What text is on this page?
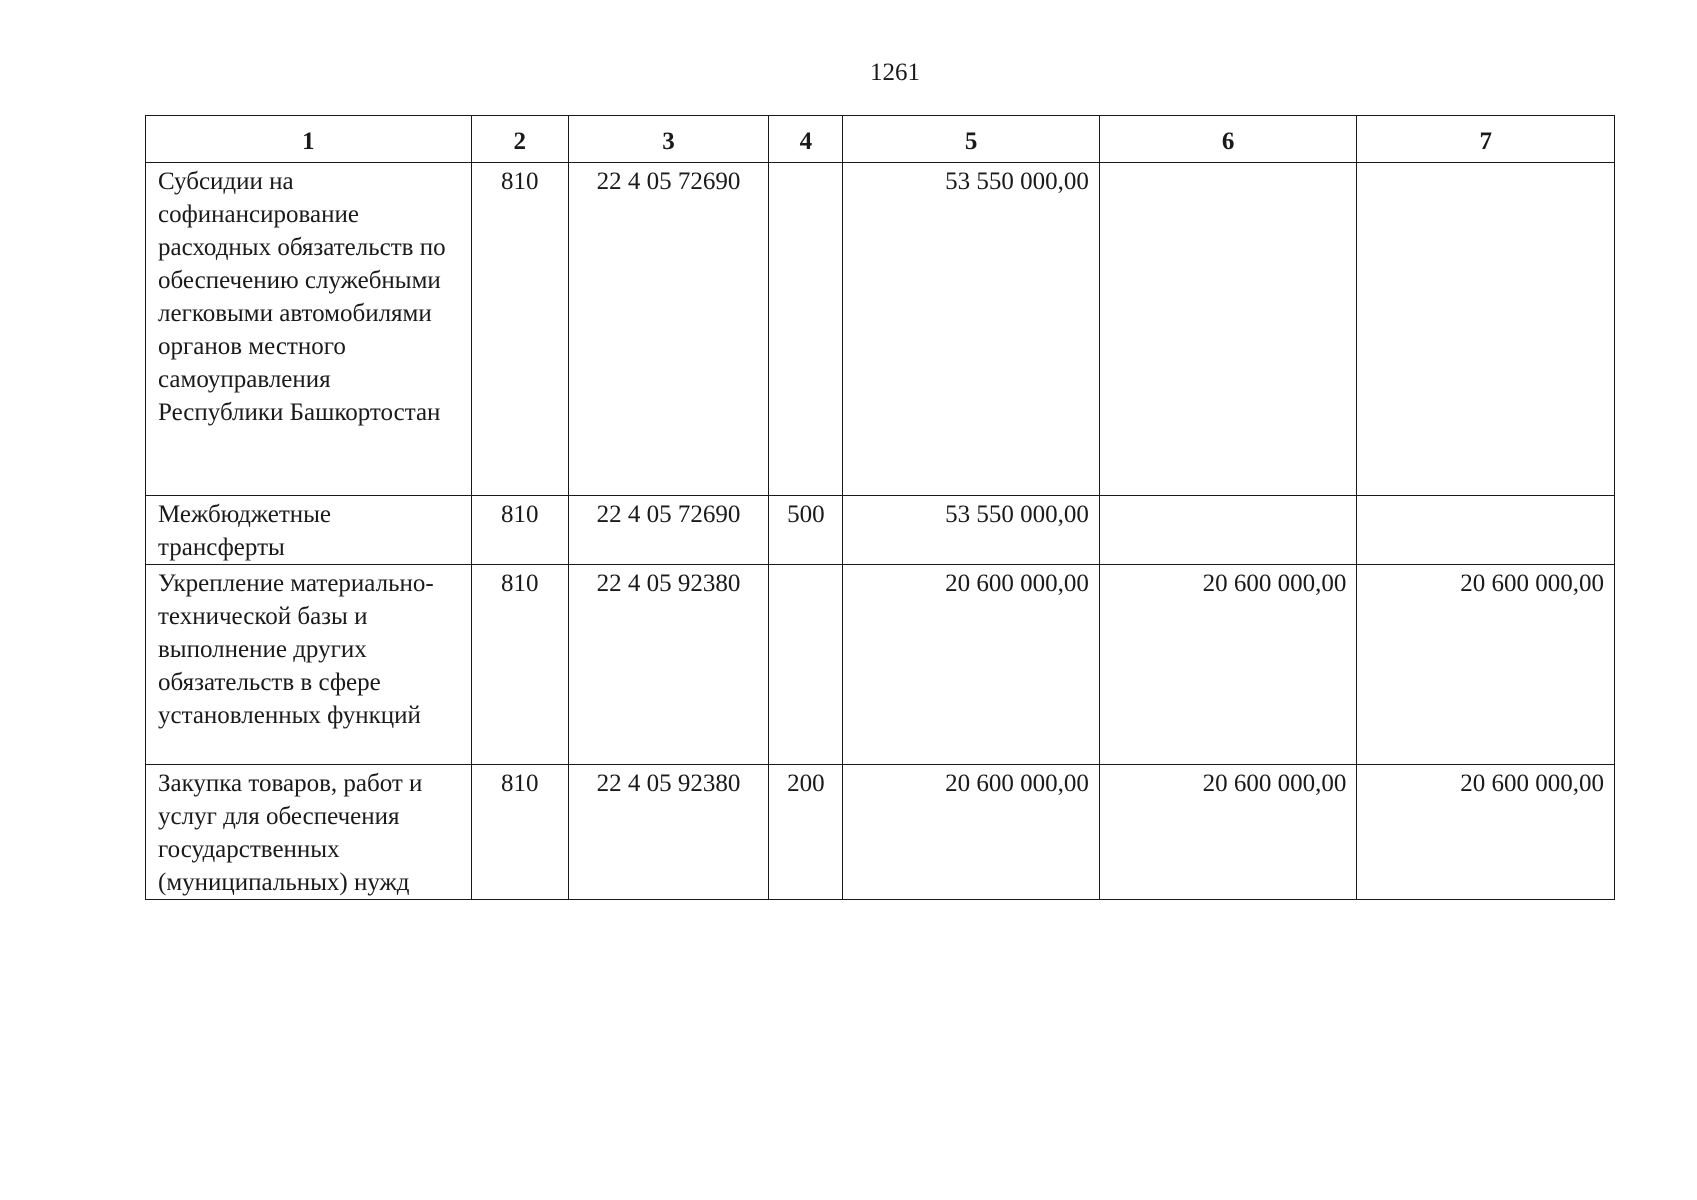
1261
1	2	3	4	5	6	7
Субсидии на софинансирование расходных обязательств по обеспечению служебными легковыми автомобилями органов местного самоуправления Республики Башкортостан	810	22 4 05 72690		53 550 000,00		
Межбюджетные трансферты	810	22 4 05 72690	500	53 550 000,00		
Укрепление материально-технической базы и выполнение других обязательств в сфере установленных функций	810	22 4 05 92380		20 600 000,00	20 600 000,00	20 600 000,00
Закупка товаров, работ и услуг для обеспечения государственных (муниципальных) нужд	810	22 4 05 92380	200	20 600 000,00	20 600 000,00	20 600 000,00
